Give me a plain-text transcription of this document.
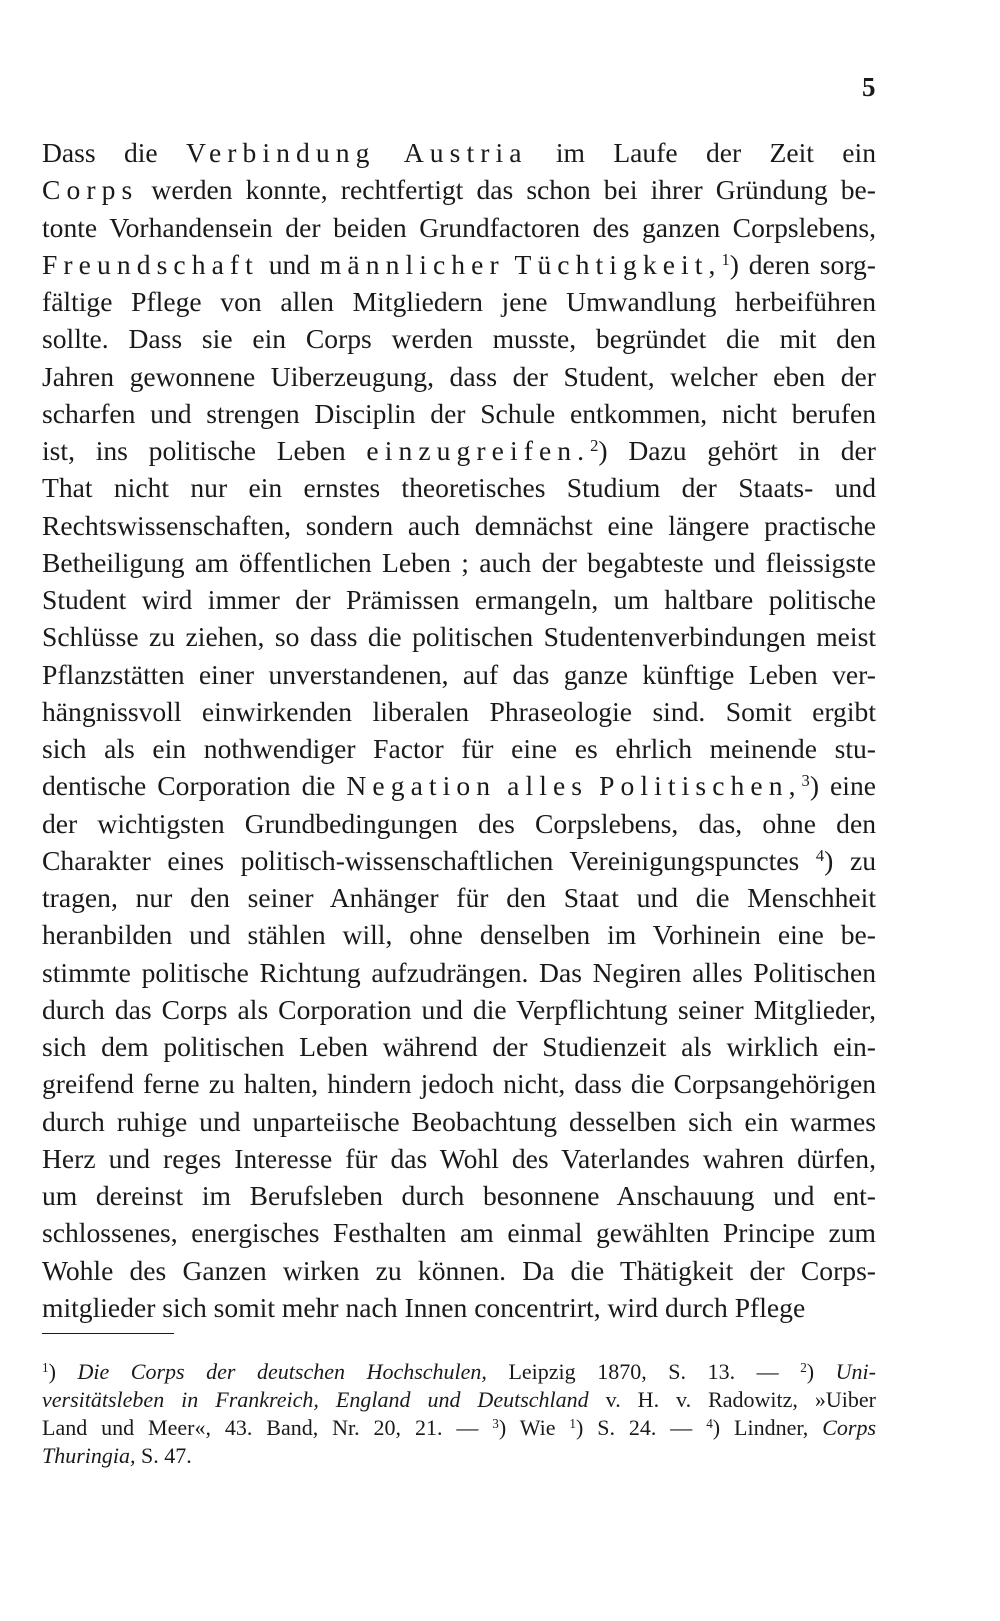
5
Dass die Verbindung Austria im Laufe der Zeit ein
Corps werden konnte, rechtfertigt das schon bei ihrer Gründung be-
tonte Vorhandensein der beiden Grundfactoren des ganzen Corpslebens,
Freundschaft und männlicher Tüchtigkeit,$^1$) deren sorg-
fältige Pflege von allen Mitgliedern jene Umwandlung herbeiführen
sollte. Dass sie ein Corps werden musste, begründet die mit den
Jahren gewonnene Uiberzeugung, dass der Student, welcher eben der
scharfen und strengen Disciplin der Schule entkommen, nicht berufen
ist, ins politische Leben einzugreifen.$^2$) Dazu gehört in der
That nicht nur ein ernstes theoretisches Studium der Staats- und
Rechtswissenschaften, sondern auch demnächst eine längere practische
Betheiligung am öffentlichen Leben ; auch der begabteste und fleissigste
Student wird immer der Prämissen ermangeln, um haltbare politische
Schlüsse zu ziehen, so dass die politischen Studentenverbindungen meist
Pflanzstätten einer unverstandenen, auf das ganze künftige Leben ver-
hängnissvoll einwirkenden liberalen Phraseologie sind. Somit ergibt
sich als ein nothwendiger Factor für eine es ehrlich meinende stu-
dentische Corporation die Negation alles Politischen,$^3$) eine
der wichtigsten Grundbedingungen des Corpslebens, das, ohne den
Charakter eines politisch-wissenschaftlichen Vereinigungspunctes $^4$) zu
tragen, nur den seiner Anhänger für den Staat und die Menschheit
heranbilden und stählen will, ohne denselben im Vorhinein eine be-
stimmte politische Richtung aufzudrängen. Das Negiren alles Politischen
durch das Corps als Corporation und die Verpflichtung seiner Mitglieder,
sich dem politischen Leben während der Studienzeit als wirklich ein-
greifend ferne zu halten, hindern jedoch nicht, dass die Corpsangehörigen
durch ruhige und unparteiische Beobachtung desselben sich ein warmes
Herz und reges Interesse für das Wohl des Vaterlandes wahren dürfen,
um dereinst im Berufsleben durch besonnene Anschauung und ent-
schlossenes, energisches Festhalten am einmal gewählten Principe zum
Wohle des Ganzen wirken zu können. Da die Thätigkeit der Corps-
mitglieder sich somit mehr nach Innen concentrirt, wird durch Pflege
$^1$) Die Corps der deutschen Hochschulen, Leipzig 1870, S. 13. — $^2$) Uni-
versitätsleben in Frankreich, England und Deutschland v. H. v. Radowitz, »Uiber
Land und Meer«, 43. Band, Nr. 20, 21. — $^3$) Wie $^1$) S. 24. — $^4$) Lindner, Corps
Thuringia, S. 47.
